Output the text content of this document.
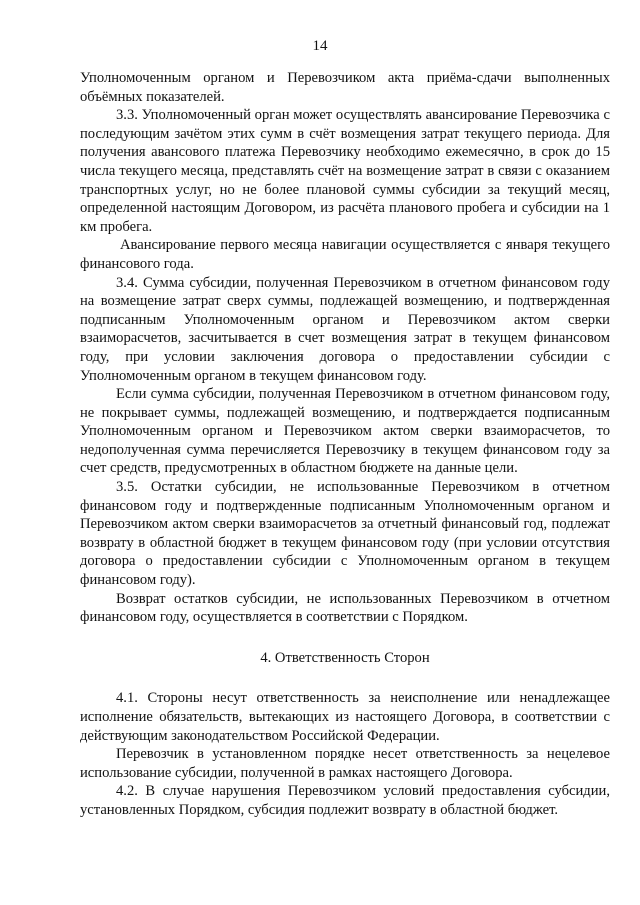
14

Уполномоченным органом и Перевозчиком акта приёма-сдачи выполненных объёмных показателей.

3.3. Уполномоченный орган может осуществлять авансирование Перевозчика с последующим зачётом этих сумм в счёт возмещения затрат текущего периода. Для получения авансового платежа Перевозчику необходимо ежемесячно, в срок до 15 числа текущего месяца, представлять счёт на возмещение затрат в связи с оказанием транспортных услуг, но не более плановой суммы субсидии за текущий месяц, определенной настоящим Договором, из расчёта планового пробега и субсидии на 1 км пробега.

Авансирование первого месяца навигации осуществляется с января текущего финансового года.

3.4. Сумма субсидии, полученная Перевозчиком в отчетном финансовом году на возмещение затрат сверх суммы, подлежащей возмещению, и подтвержденная подписанным Уполномоченным органом и Перевозчиком актом сверки взаиморасчетов, засчитывается в счет возмещения затрат в текущем финансовом году, при условии заключения договора о предоставлении субсидии с Уполномоченным органом в текущем финансовом году.

Если сумма субсидии, полученная Перевозчиком в отчетном финансовом году, не покрывает суммы, подлежащей возмещению, и подтверждается подписанным Уполномоченным органом и Перевозчиком актом сверки взаиморасчетов, то недополученная сумма перечисляется Перевозчику в текущем финансовом году за счет средств, предусмотренных в областном бюджете на данные цели.

3.5. Остатки субсидии, не использованные Перевозчиком в отчетном финансовом году и подтвержденные подписанным Уполномоченным органом и Перевозчиком актом сверки взаиморасчетов за отчетный финансовый год, подлежат возврату в областной бюджет в текущем финансовом году (при условии отсутствия договора о предоставлении субсидии с Уполномоченным органом в текущем финансовом году).

Возврат остатков субсидии, не использованных Перевозчиком в отчетном финансовом году, осуществляется в соответствии с Порядком.

4. Ответственность Сторон

4.1. Стороны несут ответственность за неисполнение или ненадлежащее исполнение обязательств, вытекающих из настоящего Договора, в соответствии с действующим законодательством Российской Федерации.

Перевозчик в установленном порядке несет ответственность за нецелевое использование субсидии, полученной в рамках настоящего Договора.

4.2. В случае нарушения Перевозчиком условий предоставления субсидии, установленных Порядком, субсидия подлежит возврату в областной бюджет.
